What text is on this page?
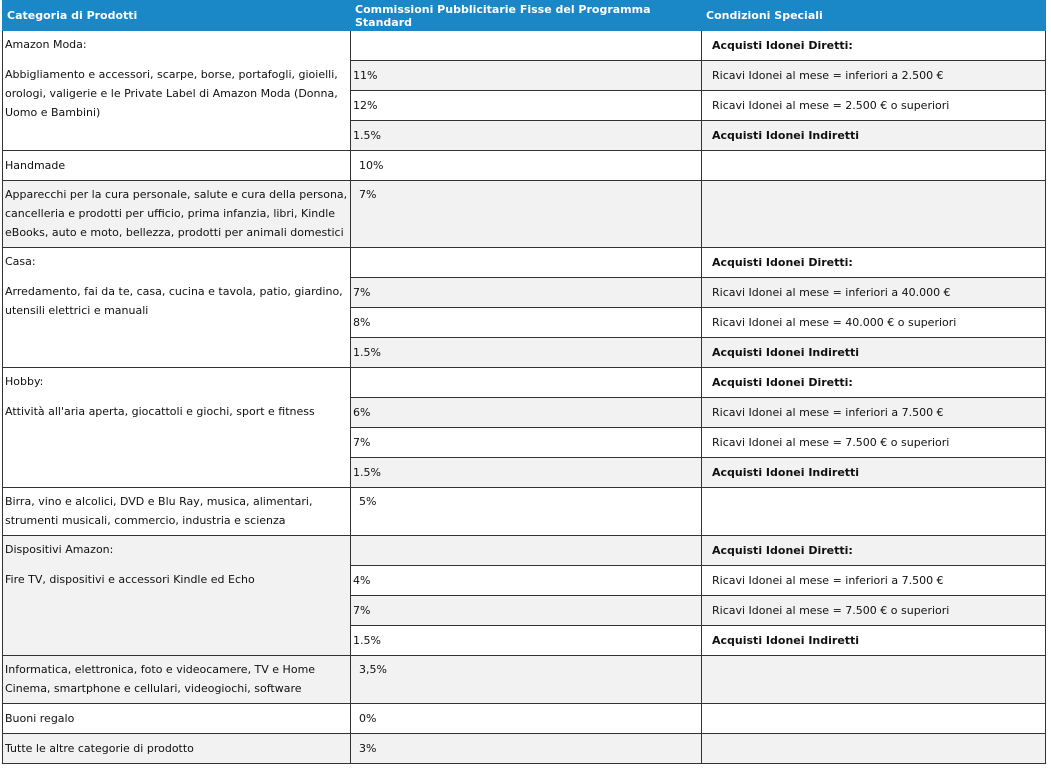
Categoria di Prodotti	Commissioni Pubblicitarie Fisse del Programma Standard	Condizioni Speciali

Amazon Moda:
Abbigliamento e accessori, scarpe, borse, portafogli, gioielli, orologi, valigerie e le Private Label di Amazon Moda (Donna, Uomo e Bambini)		Acquisti Idonei Diretti:
	11%	Ricavi Idonei al mese = inferiori a 2.500 €
	12%	Ricavi Idonei al mese = 2.500 € o superiori
	1.5%	Acquisti Idonei Indiretti
Handmade	10%	
Apparecchi per la cura personale, salute e cura della persona, cancelleria e prodotti per ufficio, prima infanzia, libri, Kindle eBooks, auto e moto, bellezza, prodotti per animali domestici	7%	

Casa:
Arredamento, fai da te, casa, cucina e tavola, patio, giardino, utensili elettrici e manuali		Acquisti Idonei Diretti:
	7%	Ricavi Idonei al mese = inferiori a 40.000 €
	8%	Ricavi Idonei al mese = 40.000 € o superiori
	1.5%	Acquisti Idonei Indiretti

Hobby:
Attività all'aria aperta, giocattoli e giochi, sport e fitness		Acquisti Idonei Diretti:
	6%	Ricavi Idonei al mese = inferiori a 7.500 €
	7%	Ricavi Idonei al mese = 7.500 € o superiori
	1.5%	Acquisti Idonei Indiretti
Birra, vino e alcolici, DVD e Blu Ray, musica, alimentari, strumenti musicali, commercio, industria e scienza	5%	

Dispositivi Amazon:
Fire TV, dispositivi e accessori Kindle ed Echo		Acquisti Idonei Diretti:
	4%	Ricavi Idonei al mese = inferiori a 7.500 €
	7%	Ricavi Idonei al mese = 7.500 € o superiori
	1.5%	Acquisti Idonei Indiretti
Informatica, elettronica, foto e videocamere, TV e Home Cinema, smartphone e cellulari, videogiochi, software	3,5%	
Buoni regalo	0%	
Tutte le altre categorie di prodotto	3%	
